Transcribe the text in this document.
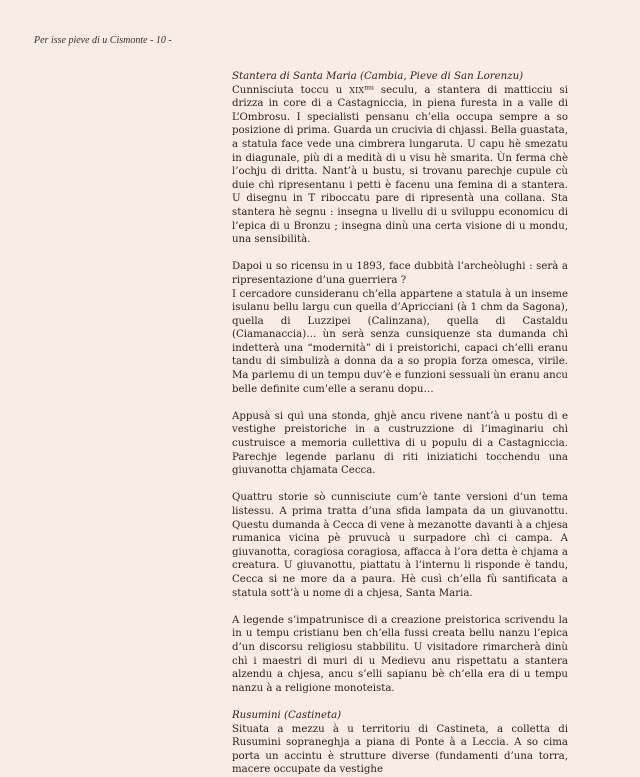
Per isse pieve di u Cismonte - 10 -
Stantera di Santa Maria (Cambia, Pieve di San Lorenzu)

Cunnisciuta toccu u $XIX^{mu}$ seculu, a stantera di matticciu si drizza in core di a Castagniccia, in piena furesta in a valle di L’Ombrosu. I specialisti pensanu ch’ella occupa sempre a so posizione di prima. Guarda un crucivia di chjassi. Bella guastata, a statula face vede una cimbrera lungaruta. U capu hè smezatu in diagunale, più di a medità di u visu hè smarita. Ùn ferma chè l’ochju di dritta. Nant’à u bustu, si trovanu parechje cupule cù duie chì ripresentanu i petti è facenu una femina di a stantera. U disegnu in T riboccatu pare di ripresentà una collana. Sta stantera hè segnu : insegna u livellu di u sviluppu economicu di l’epica di u Bronzu ; insegna dinù una certa visione di u mondu, una sensibilità.

Dapoi u so ricensu in u 1893, face dubbità l’archeòlughi : serà a ripresentazione d’una guerriera ?

I cercadore cunsideranu ch’ella appartene a statula à un inseme isulanu bellu largu cun quella d’Apricciani (à 1 chm da Sagona), quella di Luzzipei (Calinzana), quella di Castaldu (Ciamanaccia)… ùn serà senza cunsiquenze sta dumanda chì indetterà una “modernità” di i preistorichi, capaci ch’elli eranu tandu di simbulizà a donna da a so propia forza omesca, virile. Ma parlemu di un tempu duv’è e funzioni sessuali ùn eranu ancu belle definite cum’elle a seranu dopu…

Appusà si quì una stonda, ghjè ancu rivene nant’à u postu di e vestighe preistoriche in a custruzzione di l’imaginariu chì custruisce a memoria cullettiva di u populu di a Castagniccia. Parechje legende parlanu di riti iniziatichi tocchendu una giuvanotta chjamata Cecca.

Quattru storie sò cunnisciute cum’è tante versioni d’un tema listessu. A prima tratta d’una sfida lampata da un giuvanottu. Questu dumanda à Cecca di vene à mezanotte davanti à a chjesa rumanica vicina pè pruvucà u surpadore chì ci campa. A giuvanotta, coragiosa coragiosa, affacca à l’ora detta è chjama a creatura. U giuvanottu, piattatu à l’internu li risponde è tandu, Cecca si ne more da a paura. Hè cusì ch’ella fù santificata a statula sott’à u nome di a chjesa, Santa Maria.

A legende s’impatrunisce di a creazione preistorica scrivendu la in u tempu cristianu ben ch’ella fussi creata bellu nanzu l’epica d’un discorsu religiosu stabbilitu. U visitadore rimarcherà dinù chì i maestri di muri di u Medievu anu rispettatu a stantera alzendu a chjesa, ancu s’elli sapianu bè ch’ella era di u tempu nanzu à a religione monoteista.

Rusumini (Castineta)

Situata a mezzu à u territoriu di Castineta, a colletta di Rusumini sopraneghja a piana di Ponte à a Leccia. A so cima porta un accintu è strutture diverse (fundamenti d’una torra, macere occupate da vestighe
